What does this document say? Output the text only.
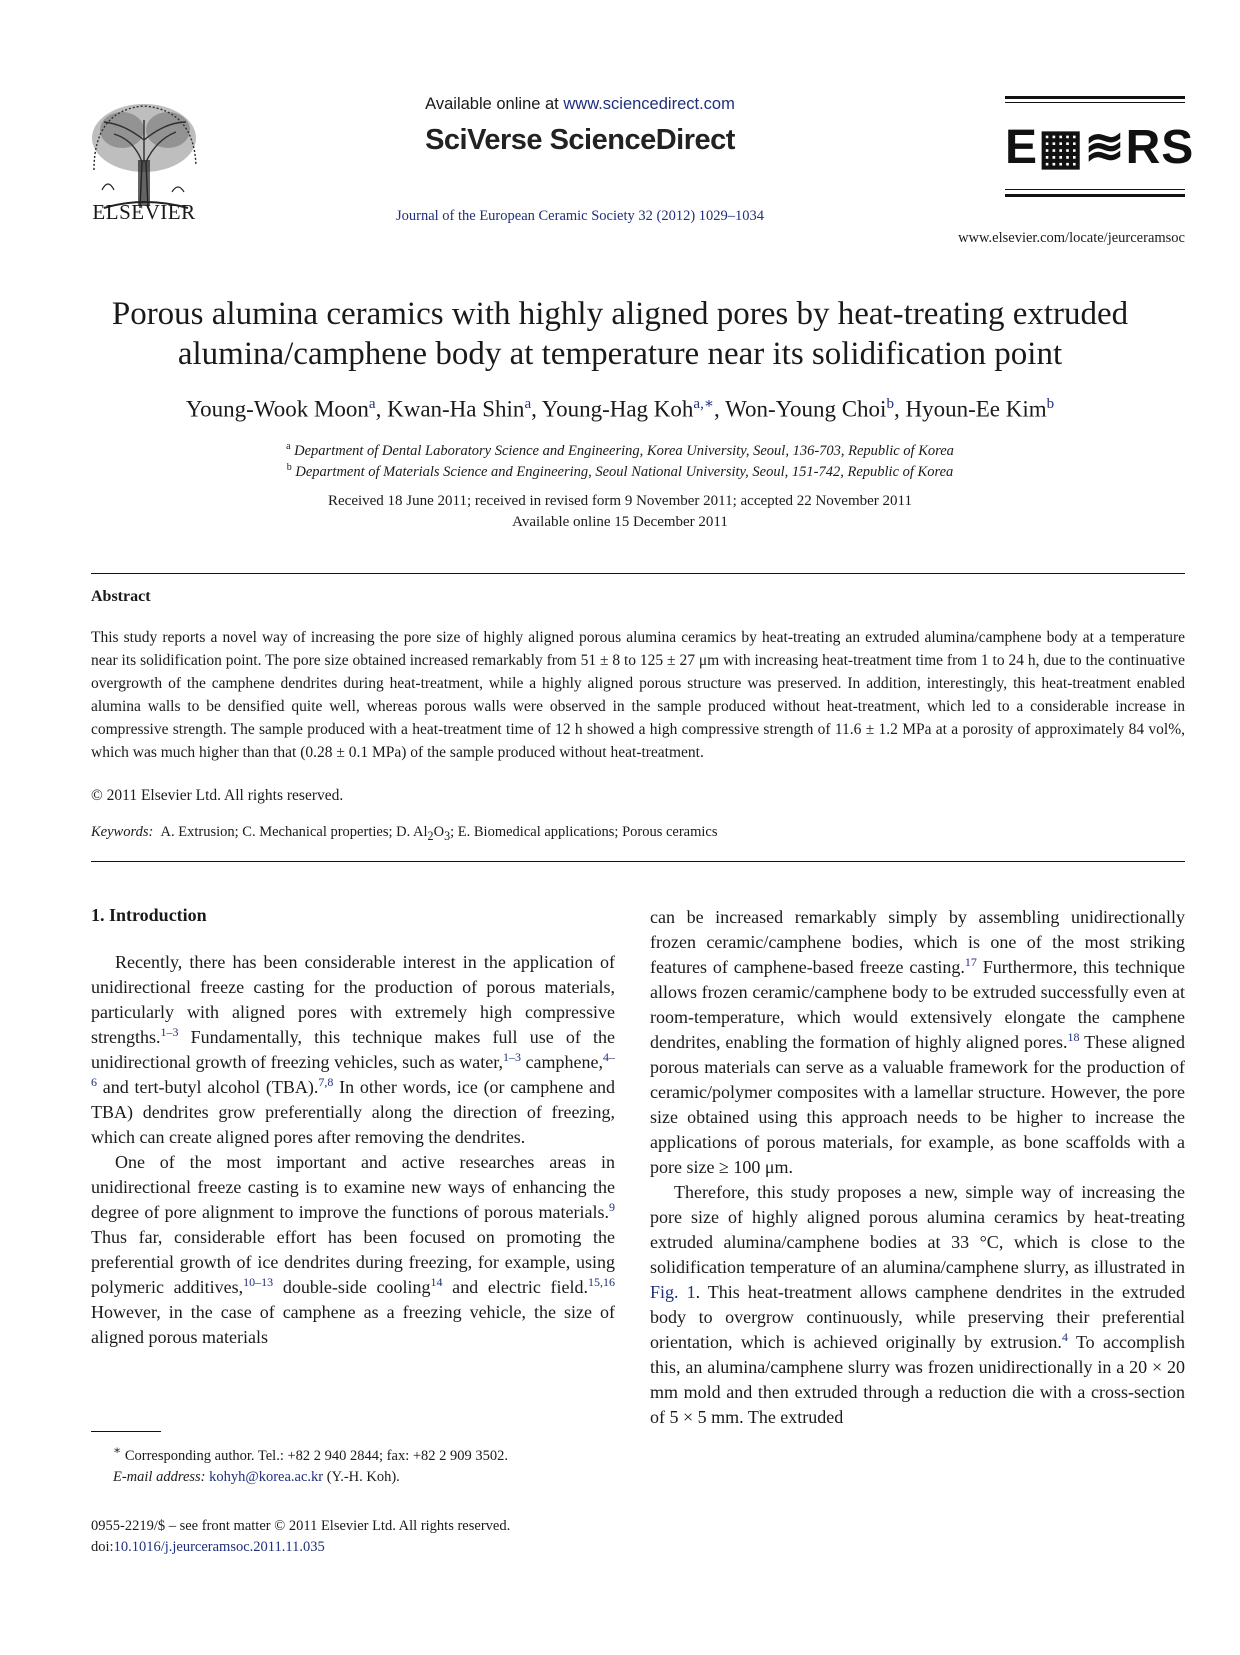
ELSEVIER
Available online at www.sciencedirect.com
SciVerse ScienceDirect
Journal of the European Ceramic Society 32 (2012) 1029–1034
E▦≋RS
www.elsevier.com/locate/jeurceramsoc
Porous alumina ceramics with highly aligned pores by heat-treating extruded
alumina/camphene body at temperature near its solidification point
Young-Wook Moon$^a$, Kwan-Ha Shin$^a$, Young-Hag Koh$^{a,∗}$, Won-Young Choi$^b$, Hyoun-Ee Kim$^b$
$^a$ Department of Dental Laboratory Science and Engineering, Korea University, Seoul, 136-703, Republic of Korea
$^b$ Department of Materials Science and Engineering, Seoul National University, Seoul, 151-742, Republic of Korea
Received 18 June 2011; received in revised form 9 November 2011; accepted 22 November 2011
Available online 15 December 2011
Abstract
This study reports a novel way of increasing the pore size of highly aligned porous alumina ceramics by heat-treating an extruded alumina/camphene body at a temperature near its solidification point. The pore size obtained increased remarkably from 51 ± 8 to 125 ± 27 μm with increasing heat-treatment time from 1 to 24 h, due to the continuative overgrowth of the camphene dendrites during heat-treatment, while a highly aligned porous structure was preserved. In addition, interestingly, this heat-treatment enabled alumina walls to be densified quite well, whereas porous walls were observed in the sample produced without heat-treatment, which led to a considerable increase in compressive strength. The sample produced with a heat-treatment time of 12 h showed a high compressive strength of 11.6 ± 1.2 MPa at a porosity of approximately 84 vol%, which was much higher than that (0.28 ± 0.1 MPa) of the sample produced without heat-treatment.
© 2011 Elsevier Ltd. All rights reserved.
Keywords: A. Extrusion; C. Mechanical properties; D. $Al_2O_3$; E. Biomedical applications; Porous ceramics
1. Introduction

Recently, there has been considerable interest in the application of unidirectional freeze casting for the production of porous materials, particularly with aligned pores with extremely high compressive strengths.$^{1-3}$ Fundamentally, this technique makes full use of the unidirectional growth of freezing vehicles, such as water,$^{1-3}$ camphene,$^{4-6}$ and tert-butyl alcohol (TBA).$^{7,8}$ In other words, ice (or camphene and TBA) dendrites grow preferentially along the direction of freezing, which can create aligned pores after removing the dendrites.

One of the most important and active researches areas in unidirectional freeze casting is to examine new ways of enhancing the degree of pore alignment to improve the functions of porous materials.$^9$ Thus far, considerable effort has been focused on promoting the preferential growth of ice dendrites during freezing, for example, using polymeric additives,$^{10-13}$ double-side cooling$^{14}$ and electric field.$^{15,16}$ However, in the case of camphene as a freezing vehicle, the size of aligned porous materials

can be increased remarkably simply by assembling unidirectionally frozen ceramic/camphene bodies, which is one of the most striking features of camphene-based freeze casting.$^{17}$ Furthermore, this technique allows frozen ceramic/camphene body to be extruded successfully even at room-temperature, which would extensively elongate the camphene dendrites, enabling the formation of highly aligned pores.$^{18}$ These aligned porous materials can serve as a valuable framework for the production of ceramic/polymer composites with a lamellar structure. However, the pore size obtained using this approach needs to be higher to increase the applications of porous materials, for example, as bone scaffolds with a pore size ≥ 100 μm.

Therefore, this study proposes a new, simple way of increasing the pore size of highly aligned porous alumina ceramics by heat-treating extruded alumina/camphene bodies at 33 °C, which is close to the solidification temperature of an alumina/camphene slurry, as illustrated in Fig. 1. This heat-treatment allows camphene dendrites in the extruded body to overgrow continuously, while preserving their preferential orientation, which is achieved originally by extrusion.$^4$ To accomplish this, an alumina/camphene slurry was frozen unidirectionally in a 20 × 20 mm mold and then extruded through a reduction die with a cross-section of 5 × 5 mm. The extruded

∗ Corresponding author. Tel.: +82 2 940 2844; fax: +82 2 909 3502.
E-mail address: kohyh@korea.ac.kr (Y.-H. Koh).
0955-2219/$ – see front matter © 2011 Elsevier Ltd. All rights reserved.
doi:10.1016/j.jeurceramsoc.2011.11.035
